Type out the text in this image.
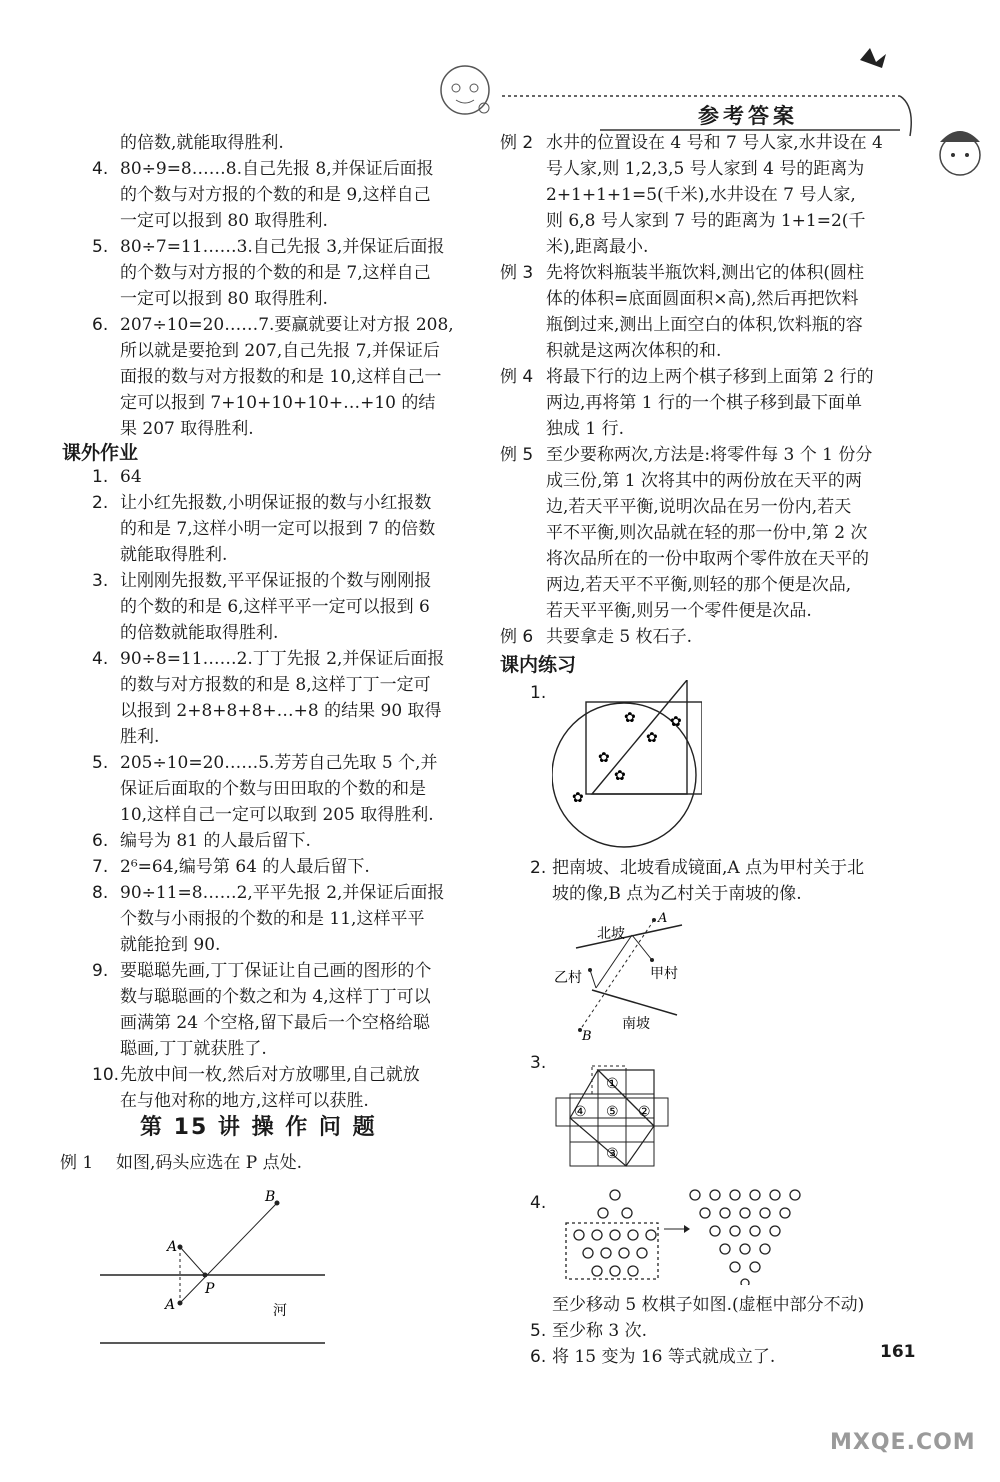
参考答案
的倍数,就能取得胜利.
4. 80÷9=8……8.自己先报 8,并保证后面报
的个数与对方报的个数的和是 9,这样自己
一定可以报到 80 取得胜利.
5. 80÷7=11……3.自己先报 3,并保证后面报
的个数与对方报的个数的和是 7,这样自己
一定可以报到 80 取得胜利.
6. 207÷10=20……7.要赢就要让对方报 208,
所以就是要抢到 207,自己先报 7,并保证后
面报的数与对方报数的和是 10,这样自己一
定可以报到 7+10+10+10+…+10 的结
果 207 取得胜利.
课外作业
1. 64
2. 让小红先报数,小明保证报的数与小红报数
的和是 7,这样小明一定可以报到 7 的倍数
就能取得胜利.
3. 让刚刚先报数,平平保证报的个数与刚刚报
的个数的和是 6,这样平平一定可以报到 6
的倍数就能取得胜利.
4. 90÷8=11……2.丁丁先报 2,并保证后面报
的数与对方报数的和是 8,这样丁丁一定可
以报到 2+8+8+8+…+8 的结果 90 取得
胜利.
5. 205÷10=20……5.芳芳自己先取 5 个,并
保证后面取的个数与田田取的个数的和是
10,这样自己一定可以取到 205 取得胜利.
6. 编号为 81 的人最后留下.
7. 2⁶=64,编号第 64 的人最后留下.
8. 90÷11=8……2,平平先报 2,并保证后面报
个数与小雨报的个数的和是 11,这样平平
就能抢到 90.
9. 要聪聪先画,丁丁保证让自己画的图形的个
数与聪聪画的个数之和为 4,这样丁丁可以
画满第 24 个空格,留下最后一个空格给聪
聪画,丁丁就获胜了.
10. 先放中间一枚,然后对方放哪里,自己就放
在与他对称的地方,这样可以获胜.
第 15 讲 操 作 问 题
例 1 如图,码头应选在 P 点处.
A
A
B
P
河
例 2 水井的位置设在 4 号和 7 号人家,水井设在 4
号人家,则 1,2,3,5 号人家到 4 号的距离为
2+1+1+1=5(千米),水井设在 7 号人家,
则 6,8 号人家到 7 号的距离为 1+1=2(千
米),距离最小.
例 3 先将饮料瓶装半瓶饮料,测出它的体积(圆柱
体的体积=底面圆面积×高),然后再把饮料
瓶倒过来,测出上面空白的体积,饮料瓶的容
积就是这两次体积的和.
例 4 将最下行的边上两个棋子移到上面第 2 行的
两边,再将第 1 行的一个棋子移到最下面单
独成 1 行.
例 5 至少要称两次,方法是:将零件每 3 个 1 份分
成三份,第 1 次将其中的两份放在天平的两
边,若天平平衡,说明次品在另一份内,若天
平不平衡,则次品就在轻的那一份中,第 2 次
将次品所在的一份中取两个零件放在天平的
两边,若天平不平衡,则轻的那个便是次品,
若天平平衡,则另一个零件便是次品.
例 6 共要拿走 5 枚石子.
课内练习
1.
✿
✿
✿
✿
✿
✿
2. 把南坡、北坡看成镜面,A 点为甲村关于北
坡的像,B 点为乙村关于南坡的像.
北坡
南坡
甲村
乙村
A
B
3.
①
②
③
④ ⑤
4.
至少移动 5 枚棋子如图.(虚框中部分不动)
5. 至少称 3 次.
6. 将 15 变为 16 等式就成立了.	161
MXQE.COM
